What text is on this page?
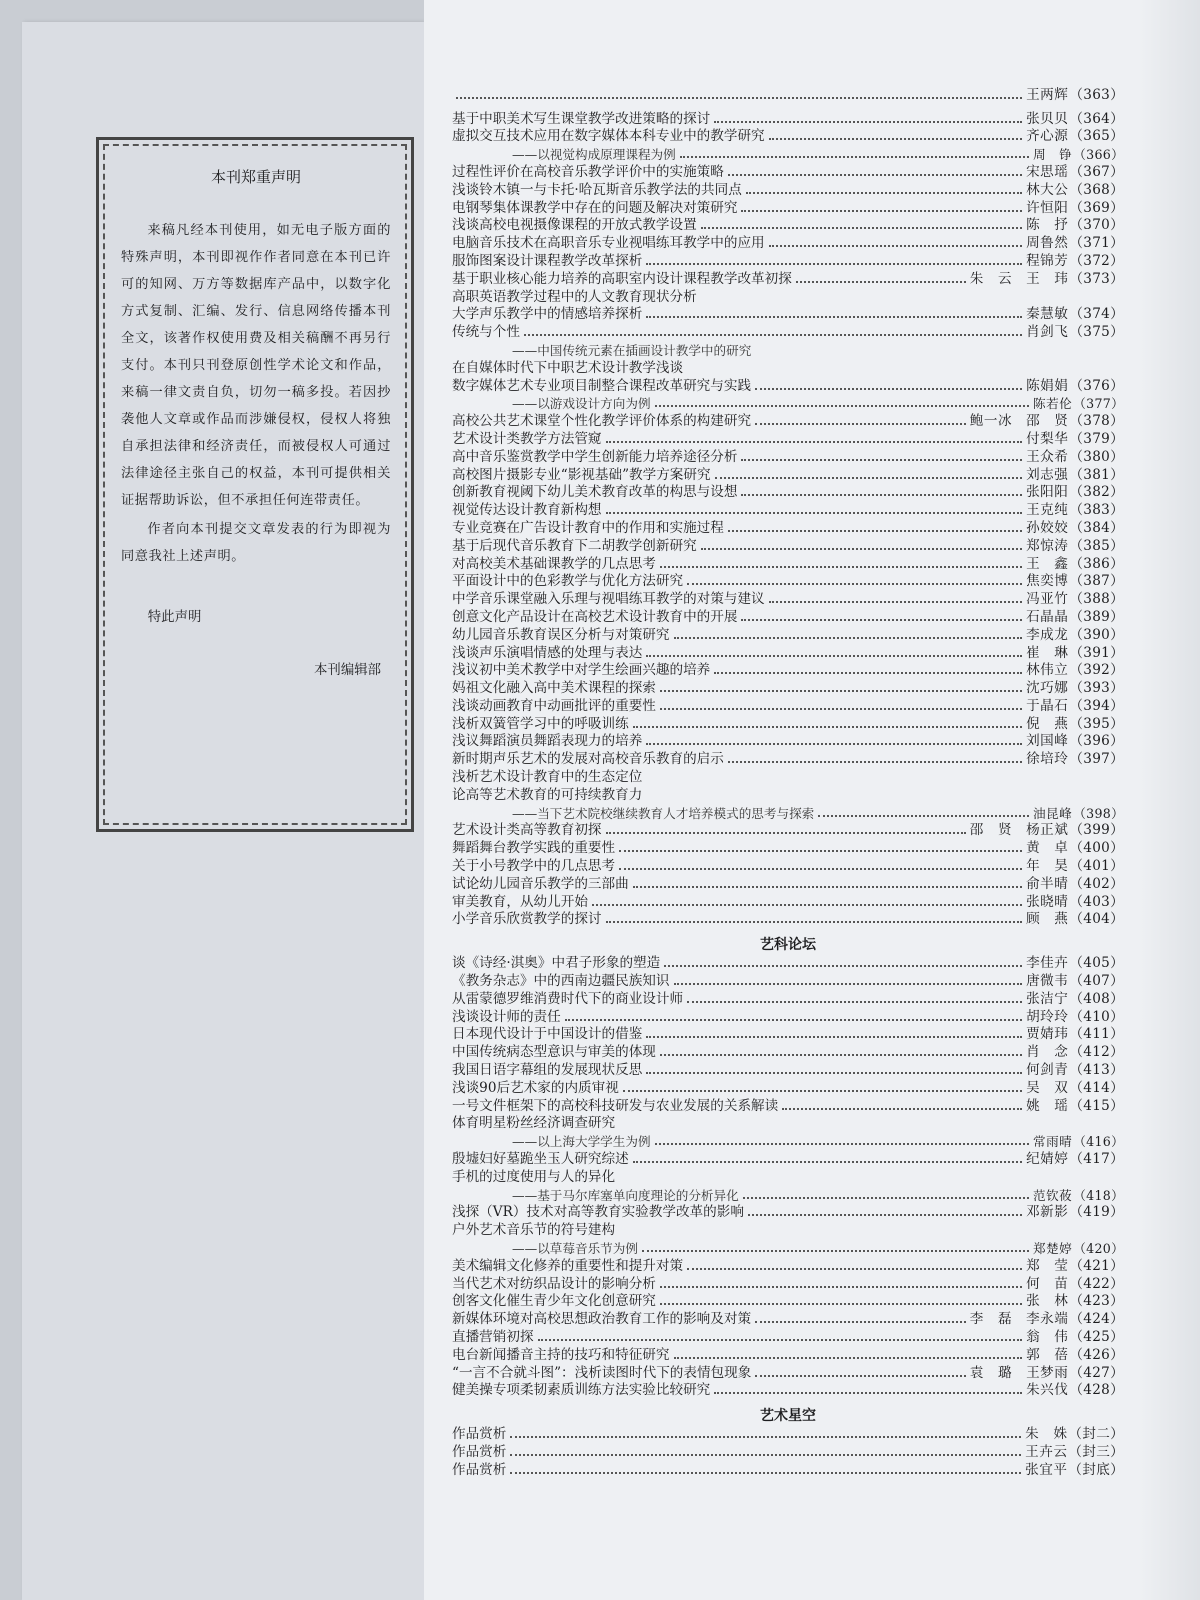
本刊郑重声明

来稿凡经本刊使用，如无电子版方面的特殊声明，本刊即视作作者同意在本刊已许可的知网、万方等数据库产品中，以数字化方式复制、汇编、发行、信息网络传播本刊全文，该著作权使用费及相关稿酬不再另行支付。本刊只刊登原创性学术论文和作品，来稿一律文责自负，切勿一稿多投。若因抄袭他人文章或作品而涉嫌侵权，侵权人将独自承担法律和经济责任，而被侵权人可通过法律途径主张自己的权益，本刊可提供相关证据帮助诉讼，但不承担任何连带责任。

作者向本刊提交文章发表的行为即视为同意我社上述声明。

特此声明
本刊编辑部
王两辉 （363）
基于中职美术写生课堂教学改进策略的探讨	张贝贝 （364）
虚拟交互技术应用在数字媒体本科专业中的教学研究	齐心源 （365）
——以视觉构成原理课程为例	周　铮 （366）
过程性评价在高校音乐教学评价中的实施策略	宋思瑶 （367）
浅谈铃木镇一与卡托·哈瓦斯音乐教学法的共同点	林大公 （368）
电钢琴集体课教学中存在的问题及解决对策研究	许恒阳 （369）
浅谈高校电视摄像课程的开放式教学设置	陈　抒 （370）
电脑音乐技术在高职音乐专业视唱练耳教学中的应用	周鲁然 （371）
服饰图案设计课程教学改革探析	程锦芳 （372）
基于职业核心能力培养的高职室内设计课程教学改革初探	朱　云 王　玮 （373）
高职英语教学过程中的人文教育现状分析
大学声乐教学中的情感培养探析	秦慧敏 （374）
传统与个性	肖剑飞 （375）
——中国传统元素在插画设计教学中的研究
在自媒体时代下中职艺术设计教学浅谈
数字媒体艺术专业项目制整合课程改革研究与实践	陈娟娟 （376）
——以游戏设计方向为例	陈若伦 （377）
高校公共艺术课堂个性化教学评价体系的构建研究	鲍一冰 邵　贤 （378）
艺术设计类教学方法管窥	付梨华 （379）
高中音乐鉴赏教学中学生创新能力培养途径分析	王众希 （380）
高校图片摄影专业“影视基础”教学方案研究	刘志强 （381）
创新教育视阈下幼儿美术教育改革的构思与设想	张阳阳 （382）
视觉传达设计教育新构想	王克纯 （383）
专业竞赛在广告设计教育中的作用和实施过程	孙姣姣 （384）
基于后现代音乐教育下二胡教学创新研究	郑惊涛 （385）
对高校美术基础课教学的几点思考	王　鑫 （386）
平面设计中的色彩教学与优化方法研究	焦奕博 （387）
中学音乐课堂融入乐理与视唱练耳教学的对策与建议	冯亚竹 （388）
创意文化产品设计在高校艺术设计教育中的开展	石晶晶 （389）
幼儿园音乐教育误区分析与对策研究	李成龙 （390）
浅谈声乐演唱情感的处理与表达	崔　琳 （391）
浅议初中美术教学中对学生绘画兴趣的培养	林伟立 （392）
妈祖文化融入高中美术课程的探索	沈巧娜 （393）
浅谈动画教育中动画批评的重要性	于晶石 （394）
浅析双簧管学习中的呼吸训练	倪　燕 （395）
浅议舞蹈演员舞蹈表现力的培养	刘国峰 （396）
新时期声乐艺术的发展对高校音乐教育的启示	徐培玲 （397）
浅析艺术设计教育中的生态定位
论高等艺术教育的可持续教育力
——当下艺术院校继续教育人才培养模式的思考与探索	油昆峰 （398）
艺术设计类高等教育初探	邵　贤 杨正斌 （399）
舞蹈舞台教学实践的重要性	黄　卓 （400）
关于小号教学中的几点思考	年　昊 （401）
试论幼儿园音乐教学的三部曲	俞半晴 （402）
审美教育，从幼儿开始	张晓晴 （403）
小学音乐欣赏教学的探讨	顾　燕 （404）
艺科论坛
谈《诗经·淇奥》中君子形象的塑造	李佳卉 （405）
《教务杂志》中的西南边疆民族知识	唐微韦 （407）
从雷蒙德罗维消费时代下的商业设计师	张洁宁 （408）
浅谈设计师的责任	胡玲玲 （410）
日本现代设计于中国设计的借鉴	贾婧玮 （411）
中国传统病态型意识与审美的体现	肖　念 （412）
我国日语字幕组的发展现状反思	何剑青 （413）
浅谈90后艺术家的内质审视	吴　双 （414）
一号文件框架下的高校科技研发与农业发展的关系解读	姚　瑶 （415）
体育明星粉丝经济调查研究
——以上海大学学生为例	常雨晴 （416）
殷墟妇好墓跪坐玉人研究综述	纪婧婷 （417）
手机的过度使用与人的异化
——基于马尔库塞单向度理论的分析异化	范钦莜 （418）
浅探（VR）技术对高等教育实验教学改革的影响	邓新影 （419）
户外艺术音乐节的符号建构
——以草莓音乐节为例	郑楚婷 （420）
美术编辑文化修养的重要性和提升对策	郑　莹 （421）
当代艺术对纺织品设计的影响分析	何　苗 （422）
创客文化催生青少年文化创意研究	张　林 （423）
新媒体环境对高校思想政治教育工作的影响及对策	李　磊 李永端 （424）
直播营销初探	翁　伟 （425）
电台新闻播音主持的技巧和特征研究	郭　蓓 （426）
“一言不合就斗图”：浅析读图时代下的表情包现象	袁　璐 王梦雨 （427）
健美操专项柔韧素质训练方法实验比较研究	朱兴伐 （428）
艺术星空
作品赏析	朱　姝 （封二）
作品赏析	王卉云 （封三）
作品赏析	张宜平 （封底）
